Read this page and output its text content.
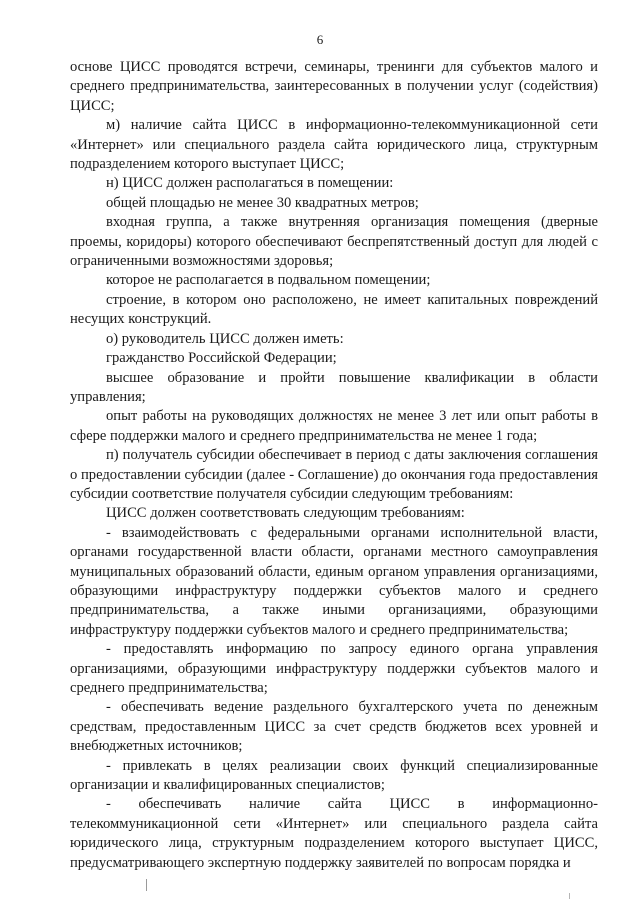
6

основе ЦИСС проводятся встречи, семинары, тренинги для субъектов малого и среднего предпринимательства, заинтересованных в получении услуг (содействия) ЦИСС;

м) наличие сайта ЦИСС в информационно-телекоммуникационной сети «Интернет» или специального раздела сайта юридического лица, структурным подразделением которого выступает ЦИСС;

н) ЦИСС должен располагаться в помещении:

общей площадью не менее 30 квадратных метров;

входная группа, а также внутренняя организация помещения (дверные проемы, коридоры) которого обеспечивают беспрепятственный доступ для людей с ограниченными возможностями здоровья;

которое не располагается в подвальном помещении;

строение, в котором оно расположено, не имеет капитальных повреждений несущих конструкций.

о) руководитель ЦИСС должен иметь:

гражданство Российской Федерации;

высшее образование и пройти повышение квалификации в области управления;

опыт работы на руководящих должностях не менее 3 лет или опыт работы в сфере поддержки малого и среднего предпринимательства не менее 1 года;

п) получатель субсидии обеспечивает в период с даты заключения соглашения о предоставлении субсидии (далее - Соглашение) до окончания года предоставления субсидии соответствие получателя субсидии следующим требованиям:

ЦИСС должен соответствовать следующим требованиям:

- взаимодействовать с федеральными органами исполнительной власти, органами государственной власти области, органами местного самоуправления муниципальных образований области, единым органом управления организациями, образующими инфраструктуру поддержки субъектов малого и среднего предпринимательства, а также иными организациями, образующими инфраструктуру поддержки субъектов малого и среднего предпринимательства;

- предоставлять информацию по запросу единого органа управления организациями, образующими инфраструктуру поддержки субъектов малого и среднего предпринимательства;

- обеспечивать ведение раздельного бухгалтерского учета по денежным средствам, предоставленным ЦИСС за счет средств бюджетов всех уровней и внебюджетных источников;

- привлекать в целях реализации своих функций специализированные организации и квалифицированных специалистов;

- обеспечивать наличие сайта ЦИСС в информационно-телекоммуникационной сети «Интернет» или специального раздела сайта юридического лица, структурным подразделением которого выступает ЦИСС, предусматривающего экспертную поддержку заявителей по вопросам порядка и
